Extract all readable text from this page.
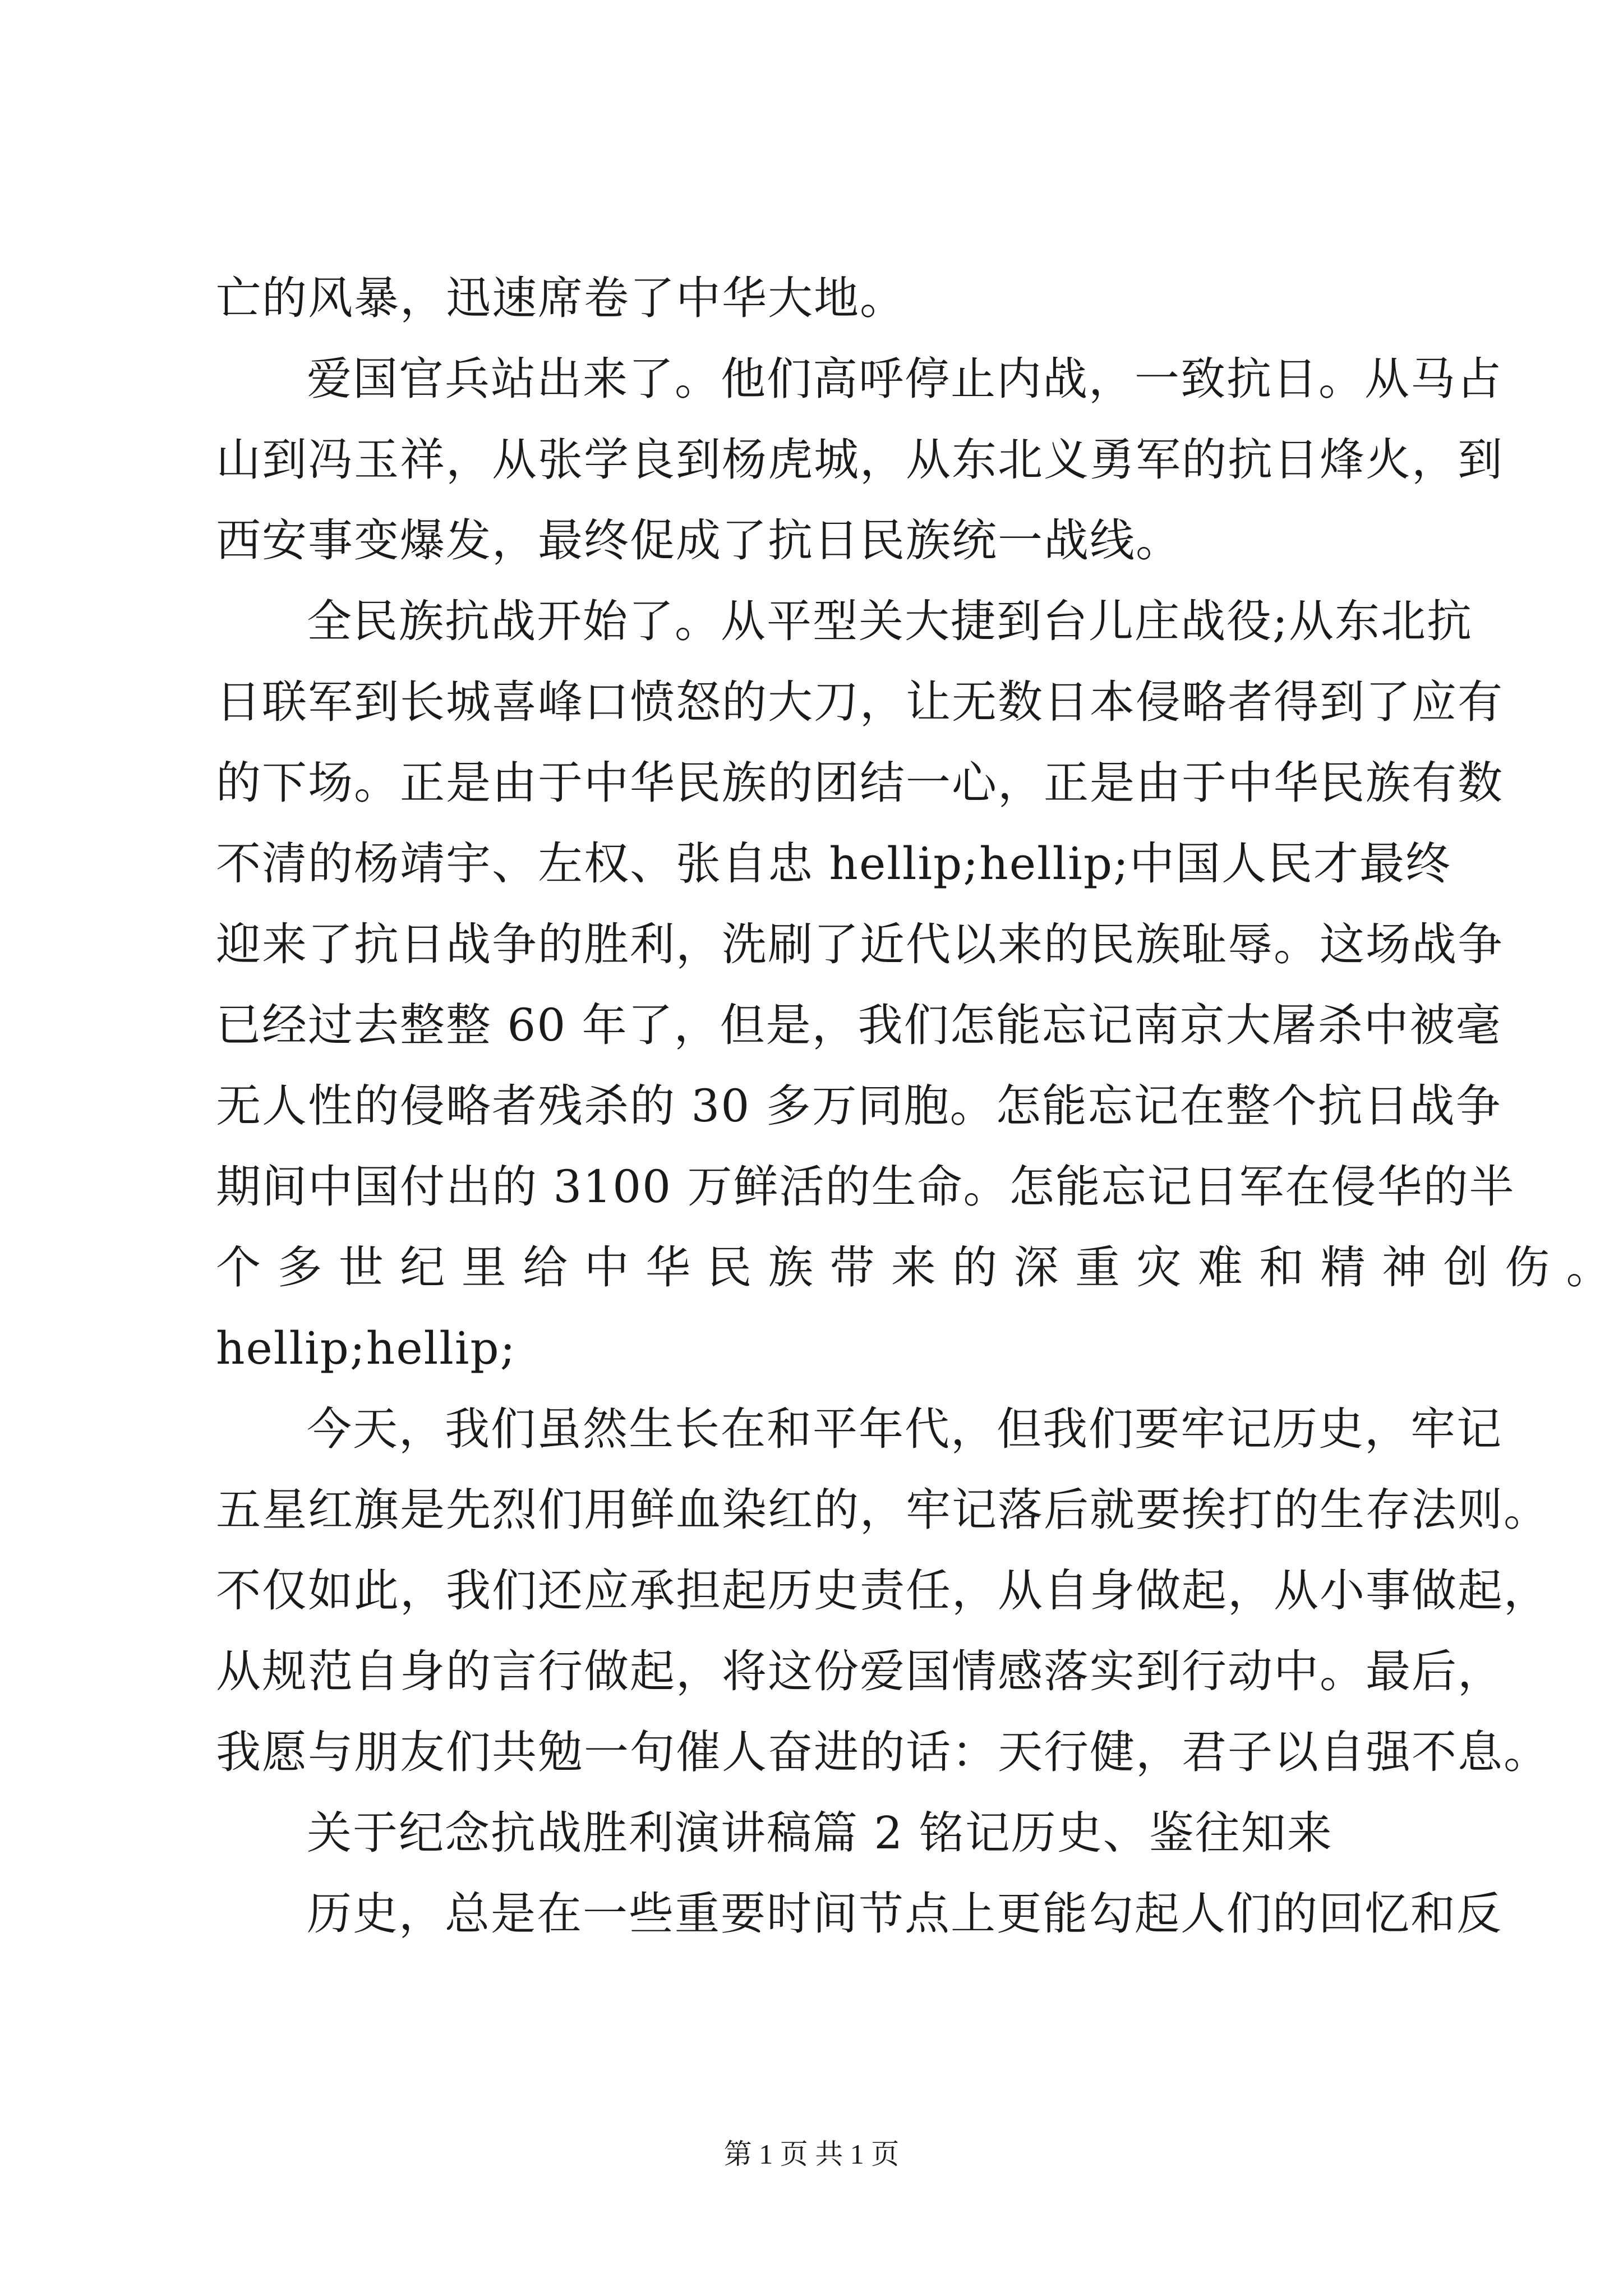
亡的风暴，迅速席卷了中华大地。
爱国官兵站出来了。他们高呼停止内战，一致抗日。从马占
山到冯玉祥，从张学良到杨虎城，从东北义勇军的抗日烽火，到
西安事变爆发，最终促成了抗日民族统一战线。
全民族抗战开始了。从平型关大捷到台儿庄战役;从东北抗
日联军到长城喜峰口愤怒的大刀，让无数日本侵略者得到了应有
的下场。正是由于中华民族的团结一心，正是由于中华民族有数
不清的杨靖宇、左权、张自忠 hellip;hellip;中国人民才最终
迎来了抗日战争的胜利，洗刷了近代以来的民族耻辱。这场战争
已经过去整整 60 年了，但是，我们怎能忘记南京大屠杀中被毫
无人性的侵略者残杀的 30 多万同胞。怎能忘记在整个抗日战争
期间中国付出的 3100 万鲜活的生命。怎能忘记日军在侵华的半
个 多 世 纪 里 给 中 华 民 族 带 来 的 深 重 灾 难 和 精 神 创 伤 。
hellip;hellip;
今天，我们虽然生长在和平年代，但我们要牢记历史，牢记
五星红旗是先烈们用鲜血染红的，牢记落后就要挨打的生存法则。
不仅如此，我们还应承担起历史责任，从自身做起，从小事做起，
从规范自身的言行做起，将这份爱国情感落实到行动中。最后，
我愿与朋友们共勉一句催人奋进的话：天行健，君子以自强不息。
关于纪念抗战胜利演讲稿篇 2 铭记历史、鉴往知来
历史，总是在一些重要时间节点上更能勾起人们的回忆和反
第 1 页 共 1 页
